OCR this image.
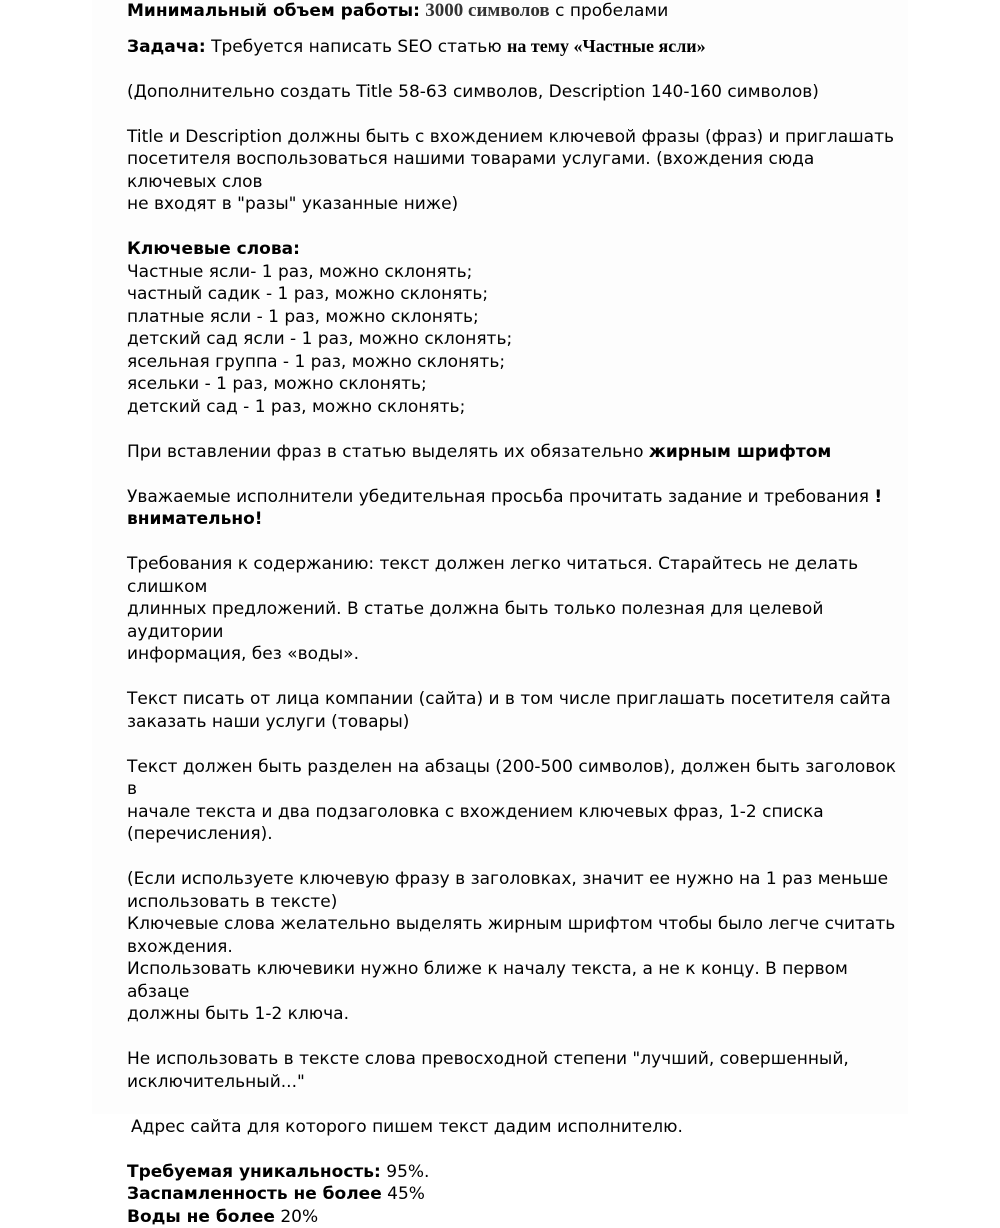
Минимальный объем работы: 3000 символов с пробелами

Задача: Требуется написать SEO статью на тему «Частные ясли»

(Дополнительно создать Title 58-63 символов, Description 140-160 символов)

Title и Description должны быть с вхождением ключевой фразы (фраз) и приглашать

посетителя воспользоваться нашими товарами услугами. (вхождения сюда ключевых слов

не входят в "разы" указанные ниже)

Ключевые слова:

Частные ясли- 1 раз, можно склонять;

частный садик - 1 раз, можно склонять;

платные ясли - 1 раз, можно склонять;

детский сад ясли - 1 раз, можно склонять;

ясельная группа - 1 раз, можно склонять;

ясельки - 1 раз, можно склонять;

детский сад - 1 раз, можно склонять;

При вставлении фраз в статью выделять их обязательно жирным шрифтом

Уважаемые исполнители убедительная просьба прочитать задание и требования !

внимательно!

Требования к содержанию: текст должен легко читаться. Старайтесь не делать слишком

длинных предложений. В статье должна быть только полезная для целевой аудитории

информация, без «воды».

Текст писать от лица компании (сайта) и в том числе приглашать посетителя сайта

заказать наши услуги (товары)

Текст должен быть разделен на абзацы (200-500 символов), должен быть заголовок в

начале текста и два подзаголовка с вхождением ключевых фраз, 1-2 списка

(перечисления).

(Если используете ключевую фразу в заголовках, значит ее нужно на 1 раз меньше

использовать в тексте)

Ключевые слова желательно выделять жирным шрифтом чтобы было легче считать

вхождения.

Использовать ключевики нужно ближе к началу текста, а не к концу. В первом абзаце

должны быть 1-2 ключа.

Не использовать в тексте слова превосходной степени "лучший, совершенный,

исключительный..."

Адрес сайта для которого пишем текст дадим исполнителю.

Требуемая уникальность: 95%.

Заспамленность не более 45%

Воды не более 20%
